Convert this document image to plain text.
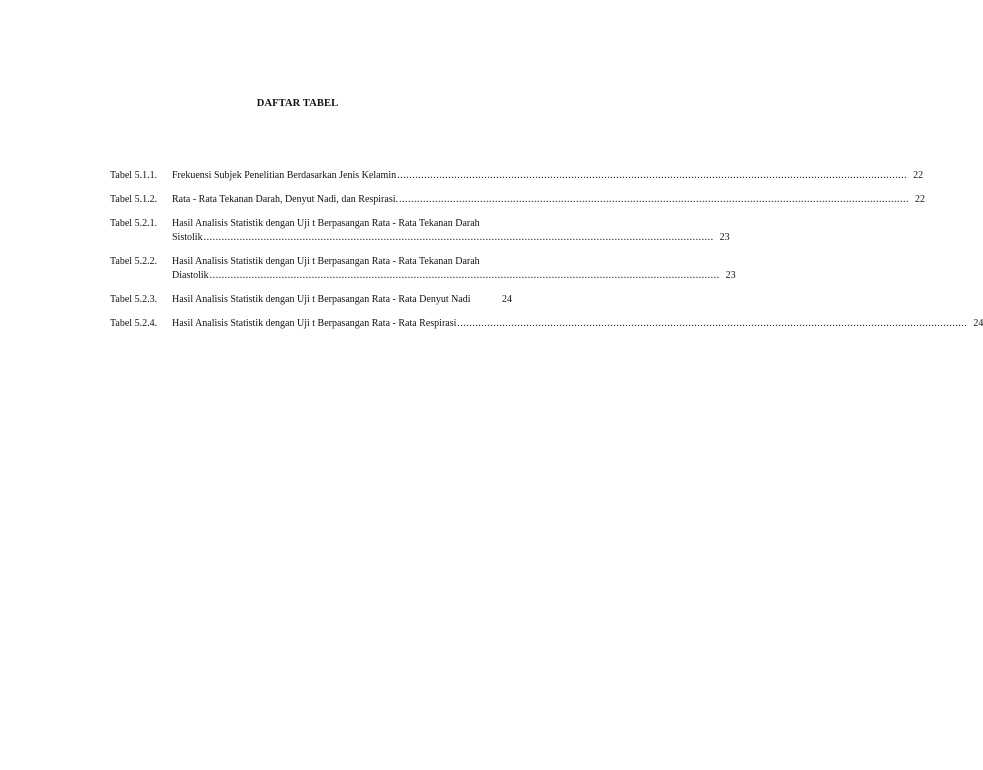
DAFTAR TABEL
Tabel 5.1.1.	Frekuensi Subjek Penelitian Berdasarkan Jenis Kelamin .....	22
Tabel 5.1.2.	Rata - Rata Tekanan Darah, Denyut Nadi, dan Respirasi. .....	22
Tabel 5.2.1.	Hasil Analisis Statistik dengan Uji t Berpasangan Rata - Rata Tekanan Darah
Sistolik .....	23
Tabel 5.2.2.	Hasil Analisis Statistik dengan Uji t Berpasangan Rata - Rata Tekanan Darah
Diastolik .....	23
Tabel 5.2.3.	Hasil Analisis Statistik dengan Uji t Berpasangan Rata - Rata Denyut Nadi	24
Tabel 5.2.4.	Hasil Analisis Statistik dengan Uji t Berpasangan Rata - Rata Respirasi .....	24
